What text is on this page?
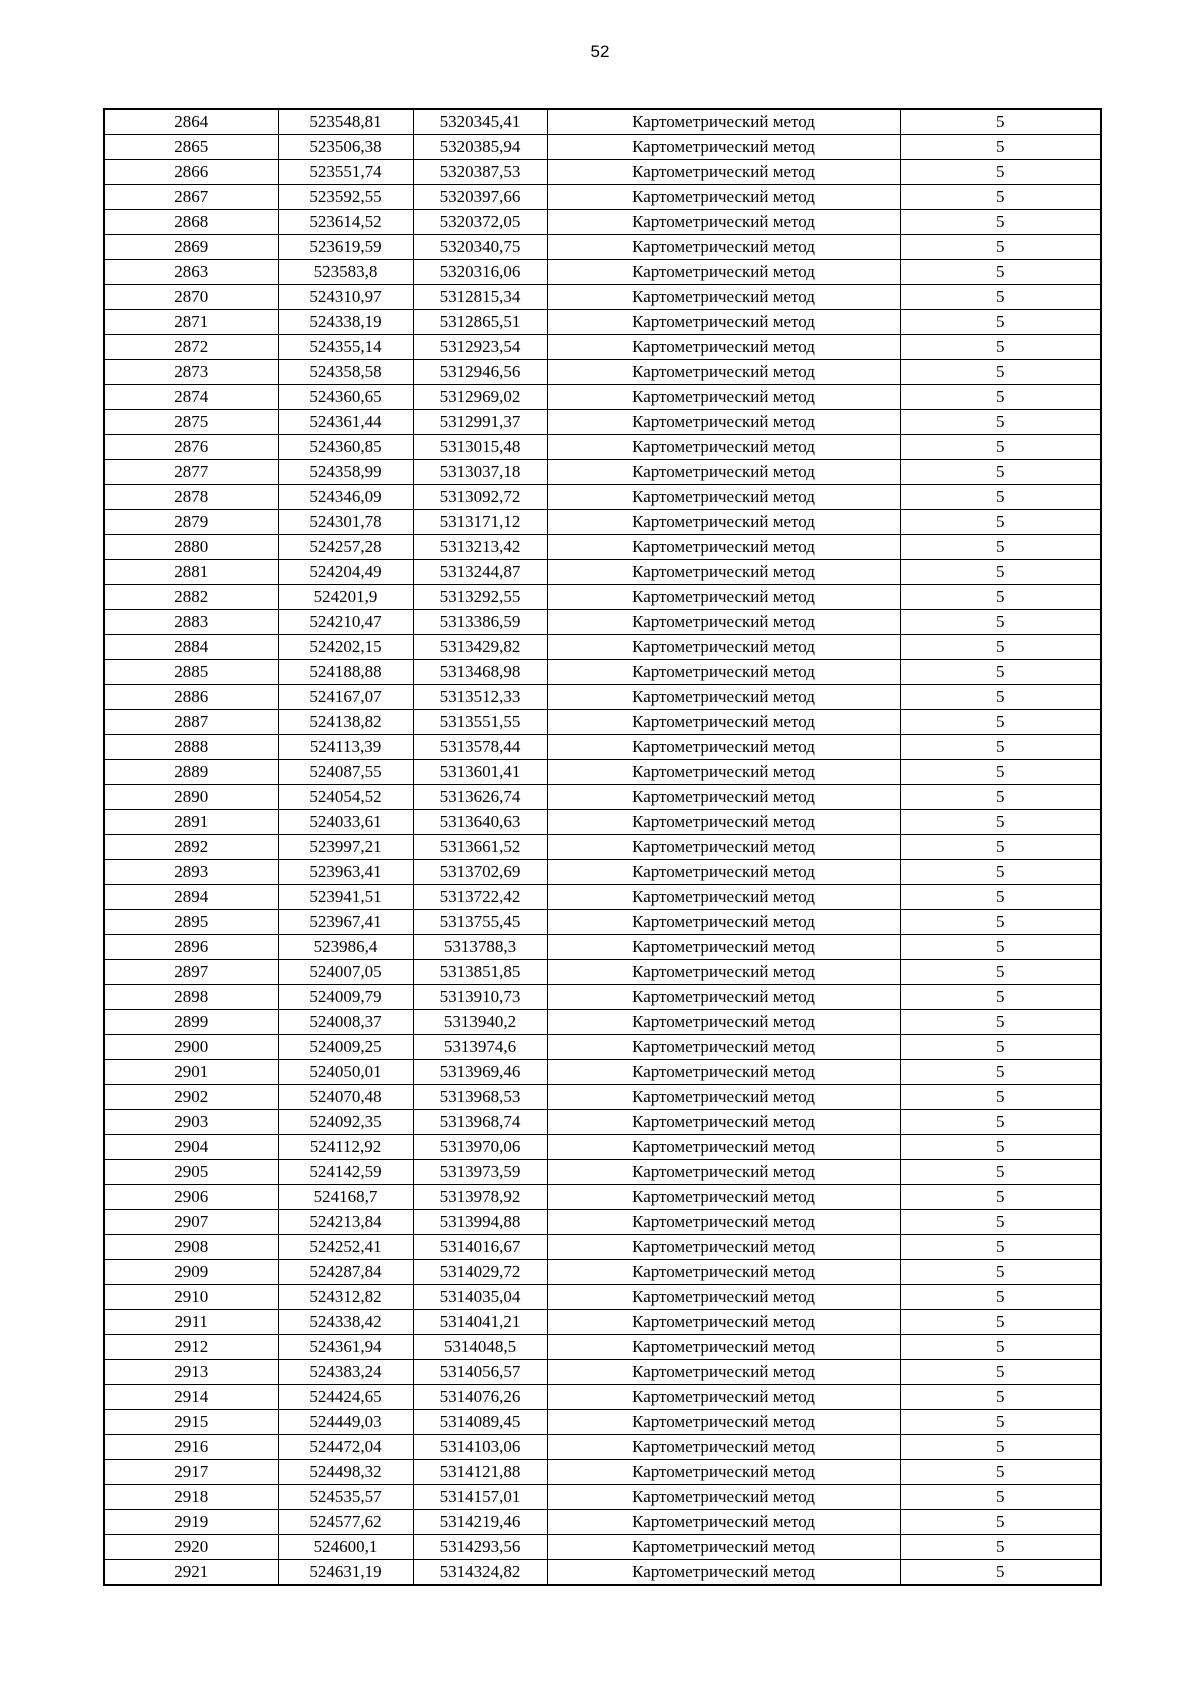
52
2864	523548,81	5320345,41	Картометрический метод	5
2865	523506,38	5320385,94	Картометрический метод	5
2866	523551,74	5320387,53	Картометрический метод	5
2867	523592,55	5320397,66	Картометрический метод	5
2868	523614,52	5320372,05	Картометрический метод	5
2869	523619,59	5320340,75	Картометрический метод	5
2863	523583,8	5320316,06	Картометрический метод	5
2870	524310,97	5312815,34	Картометрический метод	5
2871	524338,19	5312865,51	Картометрический метод	5
2872	524355,14	5312923,54	Картометрический метод	5
2873	524358,58	5312946,56	Картометрический метод	5
2874	524360,65	5312969,02	Картометрический метод	5
2875	524361,44	5312991,37	Картометрический метод	5
2876	524360,85	5313015,48	Картометрический метод	5
2877	524358,99	5313037,18	Картометрический метод	5
2878	524346,09	5313092,72	Картометрический метод	5
2879	524301,78	5313171,12	Картометрический метод	5
2880	524257,28	5313213,42	Картометрический метод	5
2881	524204,49	5313244,87	Картометрический метод	5
2882	524201,9	5313292,55	Картометрический метод	5
2883	524210,47	5313386,59	Картометрический метод	5
2884	524202,15	5313429,82	Картометрический метод	5
2885	524188,88	5313468,98	Картометрический метод	5
2886	524167,07	5313512,33	Картометрический метод	5
2887	524138,82	5313551,55	Картометрический метод	5
2888	524113,39	5313578,44	Картометрический метод	5
2889	524087,55	5313601,41	Картометрический метод	5
2890	524054,52	5313626,74	Картометрический метод	5
2891	524033,61	5313640,63	Картометрический метод	5
2892	523997,21	5313661,52	Картометрический метод	5
2893	523963,41	5313702,69	Картометрический метод	5
2894	523941,51	5313722,42	Картометрический метод	5
2895	523967,41	5313755,45	Картометрический метод	5
2896	523986,4	5313788,3	Картометрический метод	5
2897	524007,05	5313851,85	Картометрический метод	5
2898	524009,79	5313910,73	Картометрический метод	5
2899	524008,37	5313940,2	Картометрический метод	5
2900	524009,25	5313974,6	Картометрический метод	5
2901	524050,01	5313969,46	Картометрический метод	5
2902	524070,48	5313968,53	Картометрический метод	5
2903	524092,35	5313968,74	Картометрический метод	5
2904	524112,92	5313970,06	Картометрический метод	5
2905	524142,59	5313973,59	Картометрический метод	5
2906	524168,7	5313978,92	Картометрический метод	5
2907	524213,84	5313994,88	Картометрический метод	5
2908	524252,41	5314016,67	Картометрический метод	5
2909	524287,84	5314029,72	Картометрический метод	5
2910	524312,82	5314035,04	Картометрический метод	5
2911	524338,42	5314041,21	Картометрический метод	5
2912	524361,94	5314048,5	Картометрический метод	5
2913	524383,24	5314056,57	Картометрический метод	5
2914	524424,65	5314076,26	Картометрический метод	5
2915	524449,03	5314089,45	Картометрический метод	5
2916	524472,04	5314103,06	Картометрический метод	5
2917	524498,32	5314121,88	Картометрический метод	5
2918	524535,57	5314157,01	Картометрический метод	5
2919	524577,62	5314219,46	Картометрический метод	5
2920	524600,1	5314293,56	Картометрический метод	5
2921	524631,19	5314324,82	Картометрический метод	5
